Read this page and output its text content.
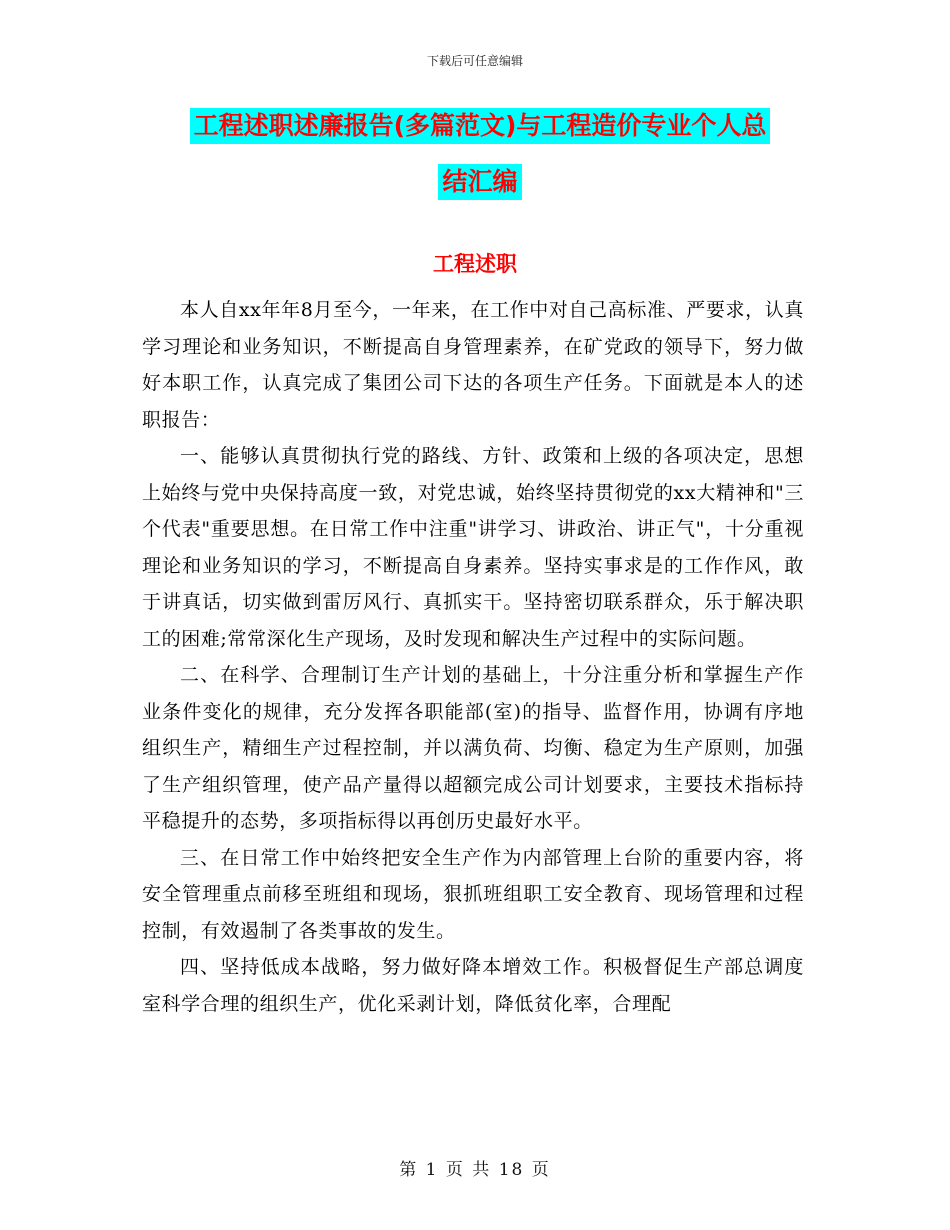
下载后可任意编辑
工程述职述廉报告(多篇范文)与工程造价专业个人总
结汇编
工程述职

本人自xx年年8月至今，一年来，在工作中对自己高标准、严要求，认真学习理论和业务知识，不断提高自身管理素养，在矿党政的领导下，努力做好本职工作，认真完成了集团公司下达的各项生产任务。下面就是本人的述职报告：

一、能够认真贯彻执行党的路线、方针、政策和上级的各项决定，思想上始终与党中央保持高度一致，对党忠诚，始终坚持贯彻党的xx大精神和"三个代表"重要思想。在日常工作中注重"讲学习、讲政治、讲正气"，十分重视理论和业务知识的学习，不断提高自身素养。坚持实事求是的工作作风，敢于讲真话，切实做到雷厉风行、真抓实干。坚持密切联系群众，乐于解决职工的困难;常常深化生产现场，及时发现和解决生产过程中的实际问题。

二、在科学、合理制订生产计划的基础上，十分注重分析和掌握生产作业条件变化的规律，充分发挥各职能部(室)的指导、监督作用，协调有序地组织生产，精细生产过程控制，并以满负荷、均衡、稳定为生产原则，加强了生产组织管理，使产品产量得以超额完成公司计划要求，主要技术指标持平稳提升的态势，多项指标得以再创历史最好水平。

三、在日常工作中始终把安全生产作为内部管理上台阶的重要内容，将安全管理重点前移至班组和现场，狠抓班组职工安全教育、现场管理和过程控制，有效遏制了各类事故的发生。

四、坚持低成本战略，努力做好降本增效工作。积极督促生产部总调度室科学合理的组织生产，优化采剥计划，降低贫化率，合理配

第 1 页 共 18 页
